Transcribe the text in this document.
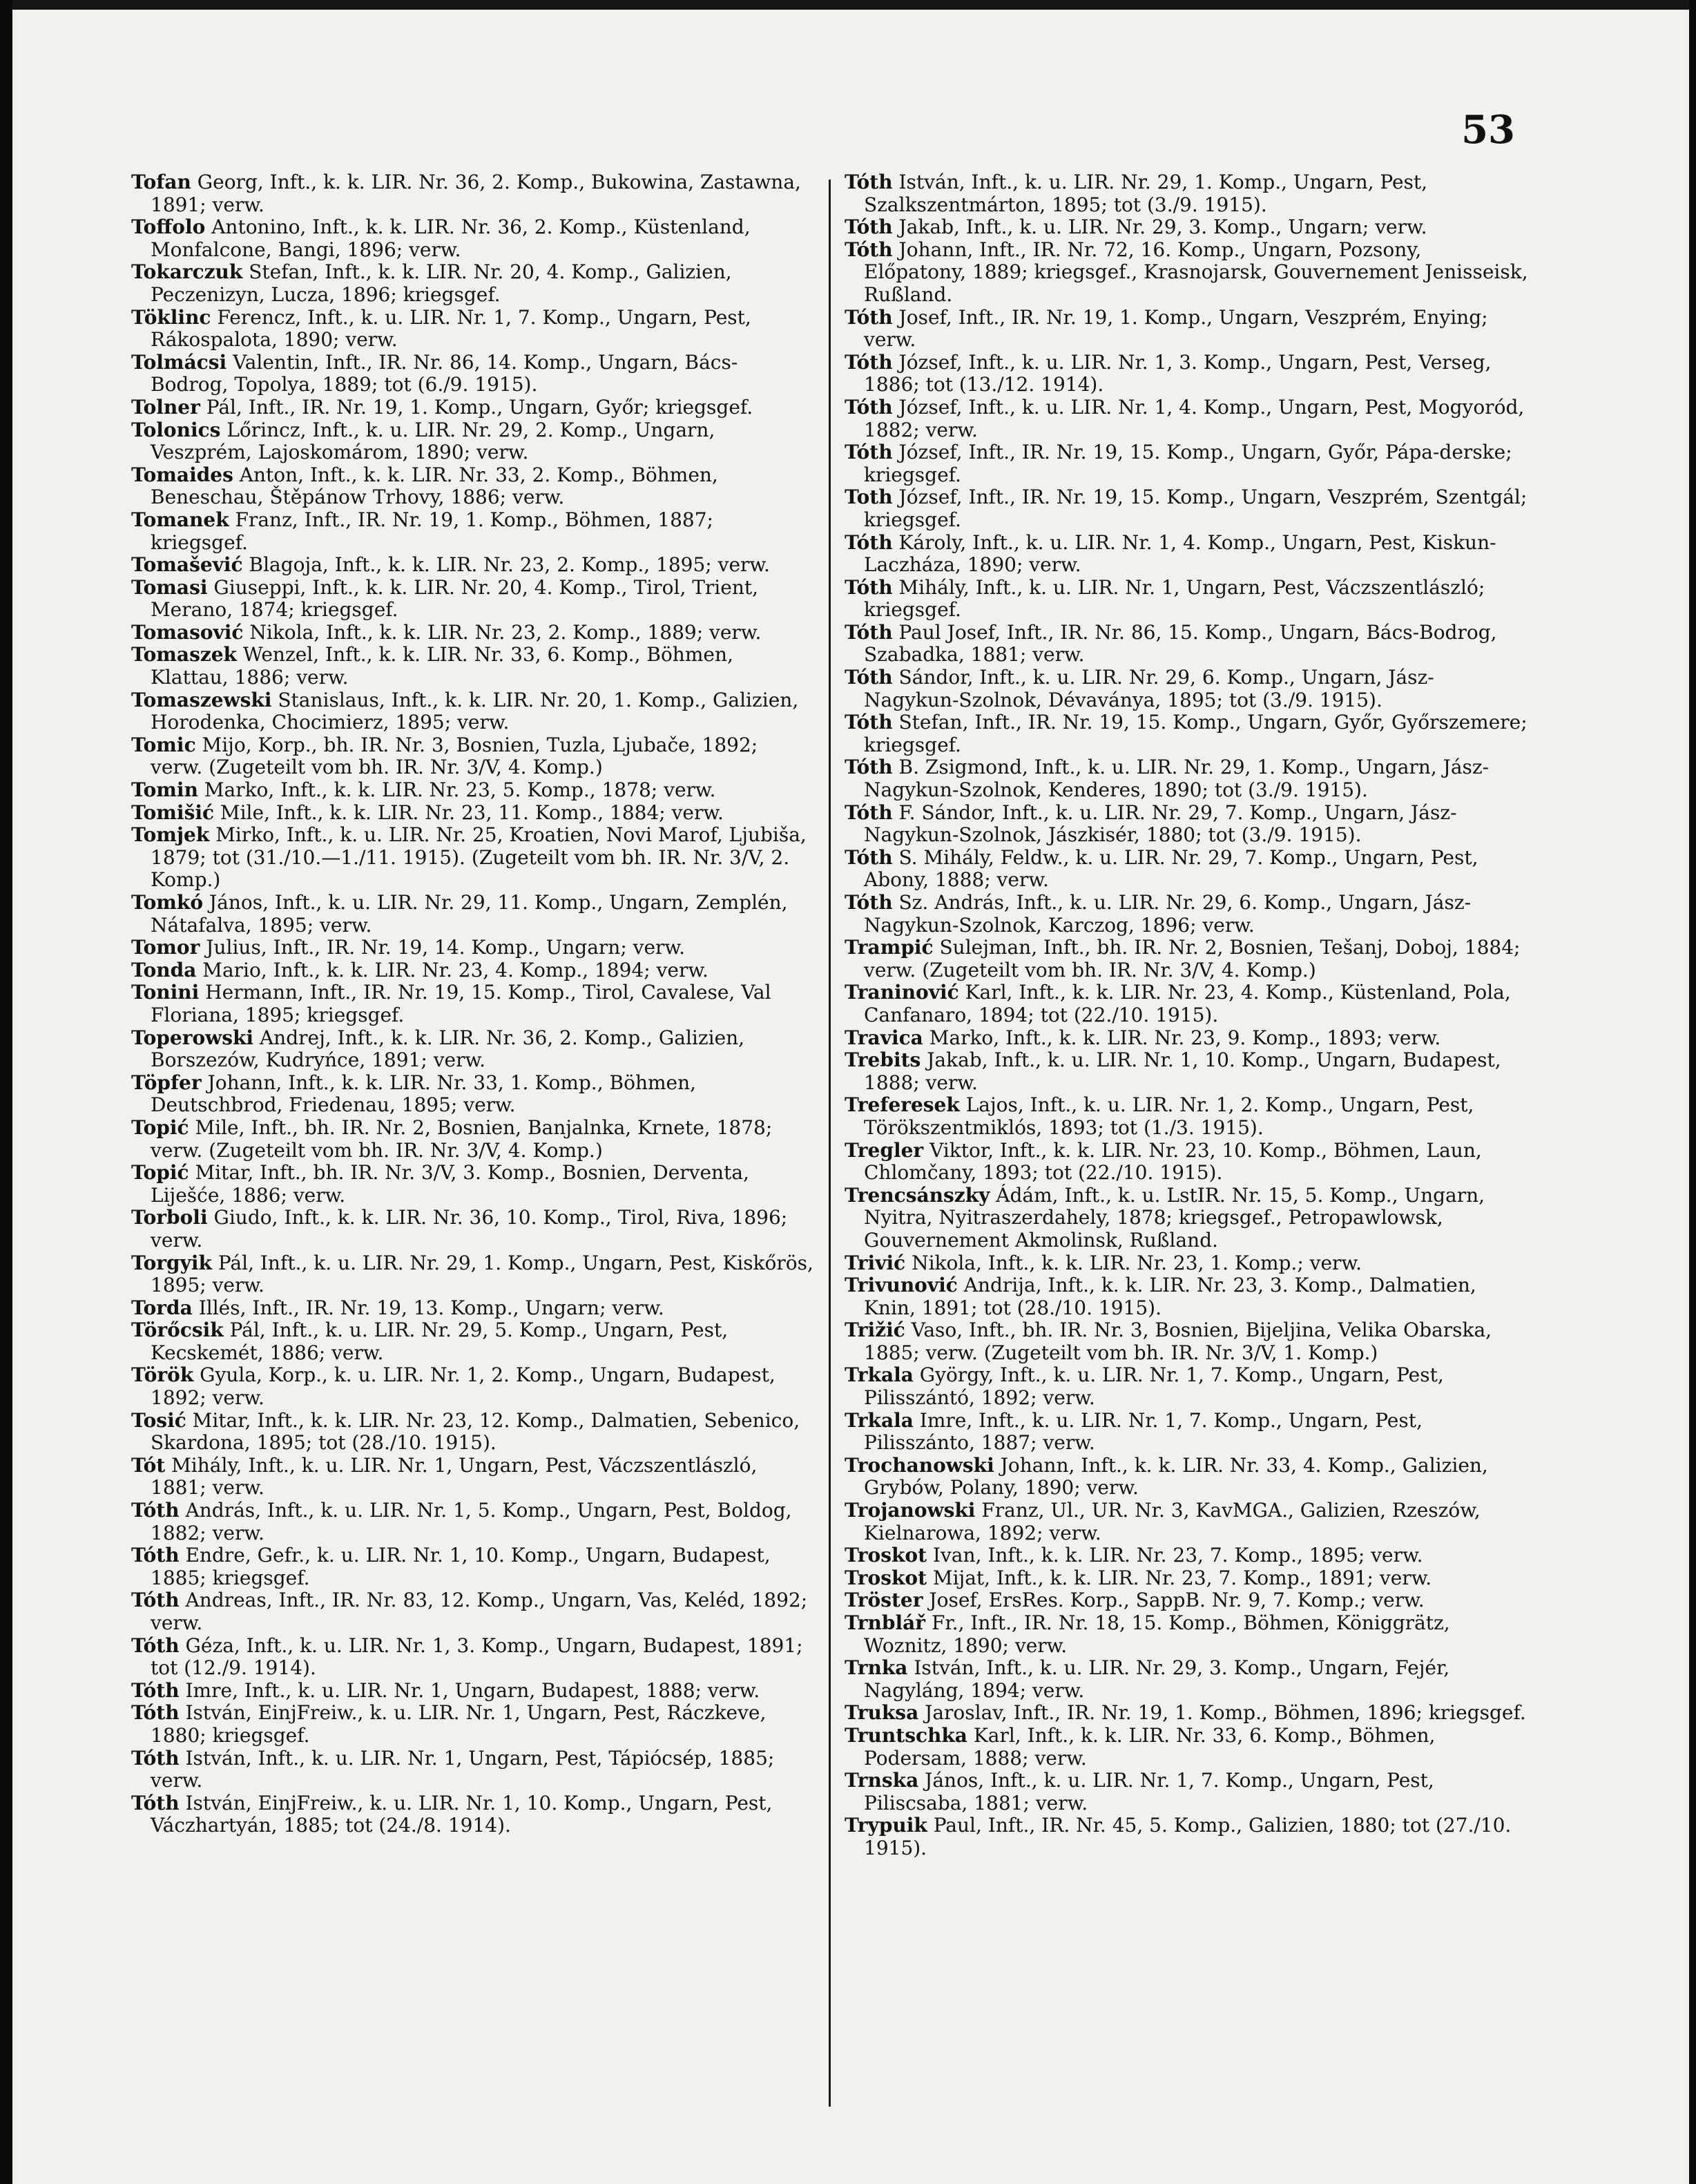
53

Tofan Georg, Inft., k. k. LIR. Nr. 36, 2. Komp., Bukowina, Zastawna, 1891; verw.

Toffolo Antonino, Inft., k. k. LIR. Nr. 36, 2. Komp., Küstenland, Monfalcone, Bangi, 1896; verw.

Tokarczuk Stefan, Inft., k. k. LIR. Nr. 20, 4. Komp., Galizien, Peczenizyn, Lucza, 1896; kriegsgef.

Töklinc Ferencz, Inft., k. u. LIR. Nr. 1, 7. Komp., Ungarn, Pest, Rákospalota, 1890; verw.

Tolmácsi Valentin, Inft., IR. Nr. 86, 14. Komp., Ungarn, Bács-Bodrog, Topolya, 1889; tot (6./9. 1915).

Tolner Pál, Inft., IR. Nr. 19, 1. Komp., Ungarn, Győr; kriegsgef.

Tolonics Lőrincz, Inft., k. u. LIR. Nr. 29, 2. Komp., Ungarn, Veszprém, Lajoskomárom, 1890; verw.

Tomaides Anton, Inft., k. k. LIR. Nr. 33, 2. Komp., Böhmen, Beneschau, Štěpánow Trhovy, 1886; verw.

Tomanek Franz, Inft., IR. Nr. 19, 1. Komp., Böhmen, 1887; kriegsgef.

Tomašević Blagoja, Inft., k. k. LIR. Nr. 23, 2. Komp., 1895; verw.

Tomasi Giuseppi, Inft., k. k. LIR. Nr. 20, 4. Komp., Tirol, Trient, Merano, 1874; kriegsgef.

Tomasović Nikola, Inft., k. k. LIR. Nr. 23, 2. Komp., 1889; verw.

Tomaszek Wenzel, Inft., k. k. LIR. Nr. 33, 6. Komp., Böhmen, Klattau, 1886; verw.

Tomaszewski Stanislaus, Inft., k. k. LIR. Nr. 20, 1. Komp., Galizien, Horodenka, Chocimierz, 1895; verw.

Tomic Mijo, Korp., bh. IR. Nr. 3, Bosnien, Tuzla, Ljubače, 1892; verw. (Zugeteilt vom bh. IR. Nr. 3/V, 4. Komp.)

Tomin Marko, Inft., k. k. LIR. Nr. 23, 5. Komp., 1878; verw.

Tomišić Mile, Inft., k. k. LIR. Nr. 23, 11. Komp., 1884; verw.

Tomjek Mirko, Inft., k. u. LIR. Nr. 25, Kroatien, Novi Marof, Ljubiša, 1879; tot (31./10.—1./11. 1915). (Zugeteilt vom bh. IR. Nr. 3/V, 2. Komp.)

Tomkó János, Inft., k. u. LIR. Nr. 29, 11. Komp., Ungarn, Zemplén, Nátafalva, 1895; verw.

Tomor Julius, Inft., IR. Nr. 19, 14. Komp., Ungarn; verw.

Tonda Mario, Inft., k. k. LIR. Nr. 23, 4. Komp., 1894; verw.

Tonini Hermann, Inft., IR. Nr. 19, 15. Komp., Tirol, Cavalese, Val Floriana, 1895; kriegsgef.

Toperowski Andrej, Inft., k. k. LIR. Nr. 36, 2. Komp., Galizien, Borszezów, Kudryńce, 1891; verw.

Töpfer Johann, Inft., k. k. LIR. Nr. 33, 1. Komp., Böhmen, Deutschbrod, Friedenau, 1895; verw.

Topić Mile, Inft., bh. IR. Nr. 2, Bosnien, Banjalnka, Krnete, 1878; verw. (Zugeteilt vom bh. IR. Nr. 3/V, 4. Komp.)

Topić Mitar, Inft., bh. IR. Nr. 3/V, 3. Komp., Bosnien, Derventa, Liješće, 1886; verw.

Torboli Giudo, Inft., k. k. LIR. Nr. 36, 10. Komp., Tirol, Riva, 1896; verw.

Torgyik Pál, Inft., k. u. LIR. Nr. 29, 1. Komp., Ungarn, Pest, Kiskőrös, 1895; verw.

Torda Illés, Inft., IR. Nr. 19, 13. Komp., Ungarn; verw.

Törőcsik Pál, Inft., k. u. LIR. Nr. 29, 5. Komp., Ungarn, Pest, Kecskemét, 1886; verw.

Török Gyula, Korp., k. u. LIR. Nr. 1, 2. Komp., Ungarn, Budapest, 1892; verw.

Tosić Mitar, Inft., k. k. LIR. Nr. 23, 12. Komp., Dalmatien, Sebenico, Skardona, 1895; tot (28./10. 1915).

Tót Mihály, Inft., k. u. LIR. Nr. 1, Ungarn, Pest, Váczszentlászló, 1881; verw.

Tóth András, Inft., k. u. LIR. Nr. 1, 5. Komp., Ungarn, Pest, Boldog, 1882; verw.

Tóth Endre, Gefr., k. u. LIR. Nr. 1, 10. Komp., Ungarn, Budapest, 1885; kriegsgef.

Tóth Andreas, Inft., IR. Nr. 83, 12. Komp., Ungarn, Vas, Keléd, 1892; verw.

Tóth Géza, Inft., k. u. LIR. Nr. 1, 3. Komp., Ungarn, Budapest, 1891; tot (12./9. 1914).

Tóth Imre, Inft., k. u. LIR. Nr. 1, Ungarn, Budapest, 1888; verw.

Tóth István, EinjFreiw., k. u. LIR. Nr. 1, Ungarn, Pest, Ráczkeve, 1880; kriegsgef.

Tóth István, Inft., k. u. LIR. Nr. 1, Ungarn, Pest, Tápiócsép, 1885; verw.

Tóth István, EinjFreiw., k. u. LIR. Nr. 1, 10. Komp., Ungarn, Pest, Váczhartyán, 1885; tot (24./8. 1914).

Tóth István, Inft., k. u. LIR. Nr. 29, 1. Komp., Ungarn, Pest, Szalkszentmárton, 1895; tot (3./9. 1915).

Tóth Jakab, Inft., k. u. LIR. Nr. 29, 3. Komp., Ungarn; verw.

Tóth Johann, Inft., IR. Nr. 72, 16. Komp., Ungarn, Pozsony, Előpatony, 1889; kriegsgef., Krasnojarsk, Gouvernement Jenisseisk, Rußland.

Tóth Josef, Inft., IR. Nr. 19, 1. Komp., Ungarn, Veszprém, Enying; verw.

Tóth József, Inft., k. u. LIR. Nr. 1, 3. Komp., Ungarn, Pest, Verseg, 1886; tot (13./12. 1914).

Tóth József, Inft., k. u. LIR. Nr. 1, 4. Komp., Ungarn, Pest, Mogyoród, 1882; verw.

Tóth József, Inft., IR. Nr. 19, 15. Komp., Ungarn, Győr, Pápa-derske; kriegsgef.

Toth József, Inft., IR. Nr. 19, 15. Komp., Ungarn, Veszprém, Szentgál; kriegsgef.

Tóth Károly, Inft., k. u. LIR. Nr. 1, 4. Komp., Ungarn, Pest, Kiskun-Laczháza, 1890; verw.

Tóth Mihály, Inft., k. u. LIR. Nr. 1, Ungarn, Pest, Váczszentlászló; kriegsgef.

Tóth Paul Josef, Inft., IR. Nr. 86, 15. Komp., Ungarn, Bács-Bodrog, Szabadka, 1881; verw.

Tóth Sándor, Inft., k. u. LIR. Nr. 29, 6. Komp., Ungarn, Jász-Nagykun-Szolnok, Dévaványa, 1895; tot (3./9. 1915).

Tóth Stefan, Inft., IR. Nr. 19, 15. Komp., Ungarn, Győr, Győrszemere; kriegsgef.

Tóth B. Zsigmond, Inft., k. u. LIR. Nr. 29, 1. Komp., Ungarn, Jász-Nagykun-Szolnok, Kenderes, 1890; tot (3./9. 1915).

Tóth F. Sándor, Inft., k. u. LIR. Nr. 29, 7. Komp., Ungarn, Jász-Nagykun-Szolnok, Jászkisér, 1880; tot (3./9. 1915).

Tóth S. Mihály, Feldw., k. u. LIR. Nr. 29, 7. Komp., Ungarn, Pest, Abony, 1888; verw.

Tóth Sz. András, Inft., k. u. LIR. Nr. 29, 6. Komp., Ungarn, Jász-Nagykun-Szolnok, Karczog, 1896; verw.

Trampić Sulejman, Inft., bh. IR. Nr. 2, Bosnien, Tešanj, Doboj, 1884; verw. (Zugeteilt vom bh. IR. Nr. 3/V, 4. Komp.)

Traninović Karl, Inft., k. k. LIR. Nr. 23, 4. Komp., Küstenland, Pola, Canfanaro, 1894; tot (22./10. 1915).

Travica Marko, Inft., k. k. LIR. Nr. 23, 9. Komp., 1893; verw.

Trebits Jakab, Inft., k. u. LIR. Nr. 1, 10. Komp., Ungarn, Budapest, 1888; verw.

Treferesek Lajos, Inft., k. u. LIR. Nr. 1, 2. Komp., Ungarn, Pest, Törökszentmiklós, 1893; tot (1./3. 1915).

Tregler Viktor, Inft., k. k. LIR. Nr. 23, 10. Komp., Böhmen, Laun, Chlomčany, 1893; tot (22./10. 1915).

Trencsánszky Ádám, Inft., k. u. LstIR. Nr. 15, 5. Komp., Ungarn, Nyitra, Nyitraszerdahely, 1878; kriegsgef., Petropawlowsk, Gouvernement Akmolinsk, Rußland.

Trivić Nikola, Inft., k. k. LIR. Nr. 23, 1. Komp.; verw.

Trivunović Andrija, Inft., k. k. LIR. Nr. 23, 3. Komp., Dalmatien, Knin, 1891; tot (28./10. 1915).

Trižić Vaso, Inft., bh. IR. Nr. 3, Bosnien, Bijeljina, Velika Obarska, 1885; verw. (Zugeteilt vom bh. IR. Nr. 3/V, 1. Komp.)

Trkala György, Inft., k. u. LIR. Nr. 1, 7. Komp., Ungarn, Pest, Pilisszántó, 1892; verw.

Trkala Imre, Inft., k. u. LIR. Nr. 1, 7. Komp., Ungarn, Pest, Pilisszánto, 1887; verw.

Trochanowski Johann, Inft., k. k. LIR. Nr. 33, 4. Komp., Galizien, Grybów, Polany, 1890; verw.

Trojanowski Franz, Ul., UR. Nr. 3, KavMGA., Galizien, Rzeszów, Kielnarowa, 1892; verw.

Troskot Ivan, Inft., k. k. LIR. Nr. 23, 7. Komp., 1895; verw.

Troskot Mijat, Inft., k. k. LIR. Nr. 23, 7. Komp., 1891; verw.

Tröster Josef, ErsRes. Korp., SappB. Nr. 9, 7. Komp.; verw.

Trnblář Fr., Inft., IR. Nr. 18, 15. Komp., Böhmen, Königgrätz, Woznitz, 1890; verw.

Trnka István, Inft., k. u. LIR. Nr. 29, 3. Komp., Ungarn, Fejér, Nagyláng, 1894; verw.

Truksa Jaroslav, Inft., IR. Nr. 19, 1. Komp., Böhmen, 1896; kriegsgef.

Truntschka Karl, Inft., k. k. LIR. Nr. 33, 6. Komp., Böhmen, Podersam, 1888; verw.

Trnska János, Inft., k. u. LIR. Nr. 1, 7. Komp., Ungarn, Pest, Piliscsaba, 1881; verw.

Trypuik Paul, Inft., IR. Nr. 45, 5. Komp., Galizien, 1880; tot (27./10. 1915).
